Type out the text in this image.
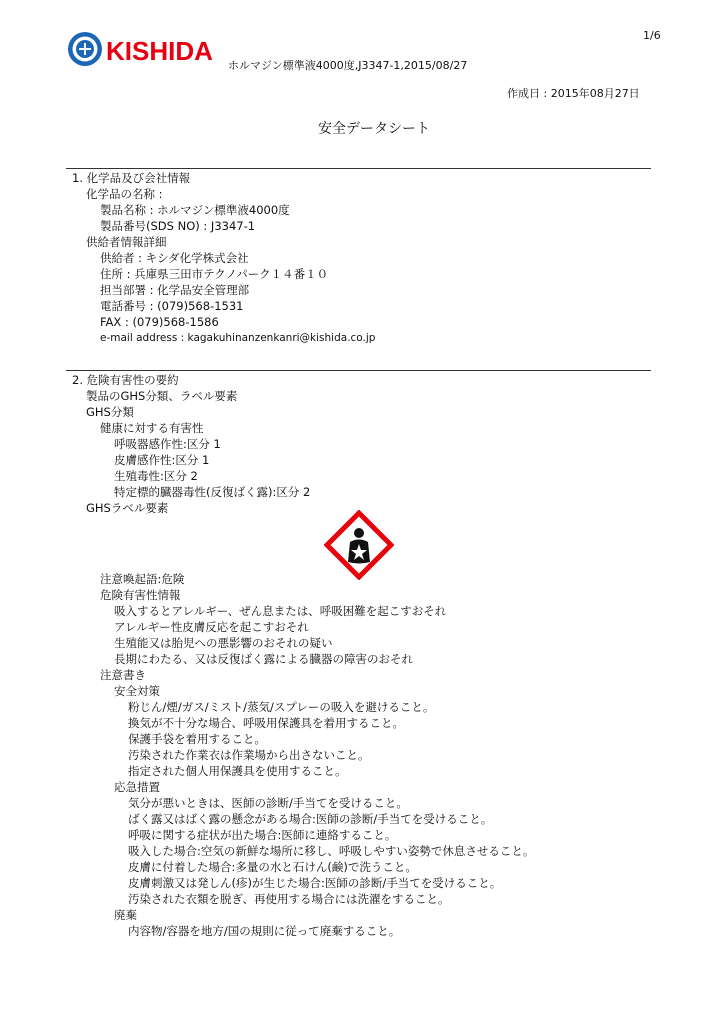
KISHIDA
1/6
ホルマジン標準液4000度,J3347-1,2015/08/27
作成日 : 2015年08月27日
安全データシート
1. 化学品及び会社情報
化学品の名称 :
製品名称 : ホルマジン標準液4000度
製品番号(SDS NO) : J3347-1
供給者情報詳細
供給者 : キシダ化学株式会社
住所 : 兵庫県三田市テクノパーク１４番１０
担当部署 : 化学品安全管理部
電話番号 : (079)568-1531
FAX : (079)568-1586
e-mail address : kagakuhinanzenkanri@kishida.co.jp
2. 危険有害性の要約
製品のGHS分類、ラベル要素
GHS分類
健康に対する有害性
呼吸器感作性:区分 1
皮膚感作性:区分 1
生殖毒性:区分 2
特定標的臓器毒性(反復ばく露):区分 2
GHSラベル要素
注意喚起語:危険
危険有害性情報
吸入するとアレルギー、ぜん息または、呼吸困難を起こすおそれ
アレルギー性皮膚反応を起こすおそれ
生殖能又は胎児への悪影響のおそれの疑い
長期にわたる、又は反復ばく露による臓器の障害のおそれ
注意書き
安全対策
粉じん/煙/ガス/ミスト/蒸気/スプレーの吸入を避けること。
換気が不十分な場合、呼吸用保護具を着用すること。
保護手袋を着用すること。
汚染された作業衣は作業場から出さないこと。
指定された個人用保護具を使用すること。
応急措置
気分が悪いときは、医師の診断/手当てを受けること。
ばく露又はばく露の懸念がある場合:医師の診断/手当てを受けること。
呼吸に関する症状が出た場合:医師に連絡すること。
吸入した場合:空気の新鮮な場所に移し、呼吸しやすい姿勢で休息させること。
皮膚に付着した場合:多量の水と石けん(鹸)で洗うこと。
皮膚刺激又は発しん(疹)が生じた場合:医師の診断/手当てを受けること。
汚染された衣類を脱ぎ、再使用する場合には洗濯をすること。
廃棄
内容物/容器を地方/国の規則に従って廃棄すること。
